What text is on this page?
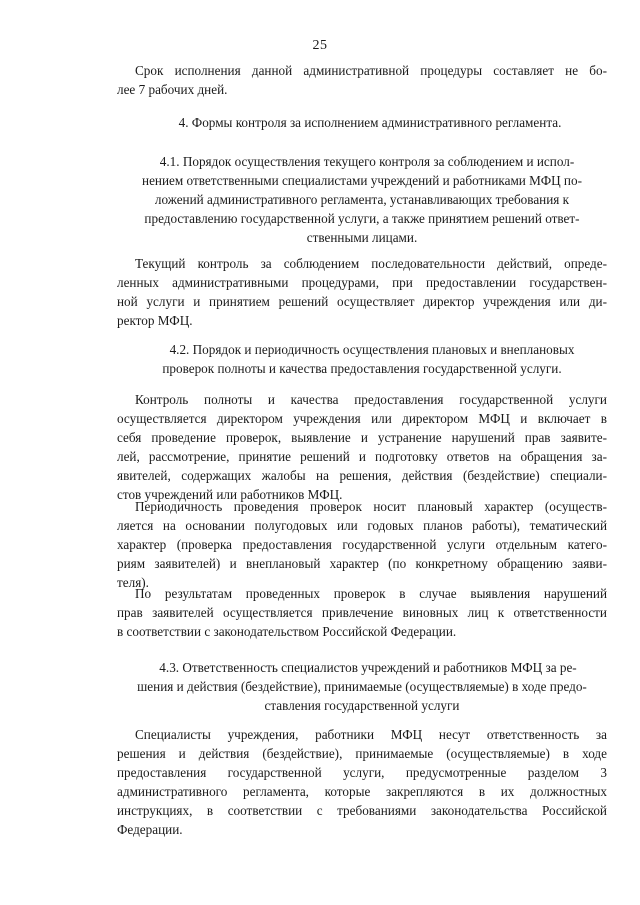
25
Срок исполнения данной административной процедуры составляет не бо-
лее 7 рабочих дней.
4. Формы контроля за исполнением административного регламента.
4.1. Порядок осуществления текущего контроля за соблюдением и испол-
нением ответственными специалистами учреждений и работниками МФЦ по-
ложений административного регламента, устанавливающих требования к
предоставлению государственной услуги, а также принятием решений ответ-
ственными лицами.
Текущий контроль за соблюдением последовательности действий, опреде-
ленных административными процедурами, при предоставлении государствен-
ной услуги и принятием решений осуществляет директор учреждения или ди-
ректор МФЦ.
4.2. Порядок и периодичность осуществления плановых и внеплановых
проверок полноты и качества предоставления государственной услуги.
Контроль полноты и качества предоставления государственной услуги
осуществляется директором учреждения или директором МФЦ и включает в
себя проведение проверок, выявление и устранение нарушений прав заявите-
лей, рассмотрение, принятие решений и подготовку ответов на обращения за-
явителей, содержащих жалобы на решения, действия (бездействие) специали-
стов учреждений или работников МФЦ.
Периодичность проведения проверок носит плановый характер (осуществ-
ляется на основании полугодовых или годовых планов работы), тематический
характер (проверка предоставления государственной услуги отдельным катего-
риям заявителей) и внеплановый характер (по конкретному обращению заяви-
теля).
По результатам проведенных проверок в случае выявления нарушений
прав заявителей осуществляется привлечение виновных лиц к ответственности
в соответствии с законодательством Российской Федерации.
4.3. Ответственность специалистов учреждений и работников МФЦ за ре-
шения и действия (бездействие), принимаемые (осуществляемые) в ходе предо-
ставления государственной услуги
Специалисты учреждения, работники МФЦ несут ответственность за
решения и действия (бездействие), принимаемые (осуществляемые) в ходе
предоставления государственной услуги, предусмотренные разделом 3
административного регламента, которые закрепляются в их должностных
инструкциях, в соответствии с требованиями законодательства Российской
Федерации.
